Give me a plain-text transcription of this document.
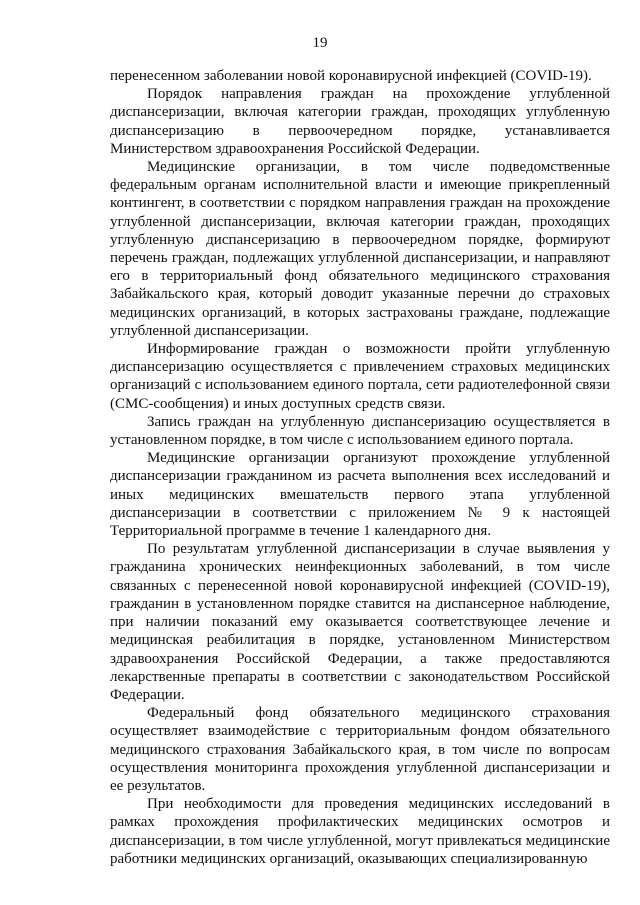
19

перенесенном заболевании новой коронавирусной инфекцией (COVID-19).

Порядок направления граждан на прохождение углубленной диспансеризации, включая категории граждан, проходящих углубленную диспансеризацию в первоочередном порядке, устанавливается Министерством здравоохранения Российской Федерации.

Медицинские организации, в том числе подведомственные федеральным органам исполнительной власти и имеющие прикрепленный контингент, в соответствии с порядком направления граждан на прохождение углубленной диспансеризации, включая категории граждан, проходящих углубленную диспансеризацию в первоочередном порядке, формируют перечень граждан, подлежащих углубленной диспансеризации, и направляют его в территориальный фонд обязательного медицинского страхования Забайкальского края, который доводит указанные перечни до страховых медицинских организаций, в которых застрахованы граждане, подлежащие углубленной диспансеризации.

Информирование граждан о возможности пройти углубленную диспансеризацию осуществляется с привлечением страховых медицинских организаций с использованием единого портала, сети радиотелефонной связи (СМС-сообщения) и иных доступных средств связи.

Запись граждан на углубленную диспансеризацию осуществляется в установленном порядке, в том числе с использованием единого портала.

Медицинские организации организуют прохождение углубленной диспансеризации гражданином из расчета выполнения всех исследований и иных медицинских вмешательств первого этапа углубленной диспансеризации в соответствии с приложением № 9 к настоящей Территориальной программе в течение 1 календарного дня.

По результатам углубленной диспансеризации в случае выявления у гражданина хронических неинфекционных заболеваний, в том числе связанных с перенесенной новой коронавирусной инфекцией (COVID-19), гражданин в установленном порядке ставится на диспансерное наблюдение, при наличии показаний ему оказывается соответствующее лечение и медицинская реабилитация в порядке, установленном Министерством здравоохранения Российской Федерации, а также предоставляются лекарственные препараты в соответствии с законодательством Российской Федерации.

Федеральный фонд обязательного медицинского страхования осуществляет взаимодействие с территориальным фондом обязательного медицинского страхования Забайкальского края, в том числе по вопросам осуществления мониторинга прохождения углубленной диспансеризации и ее результатов.

При необходимости для проведения медицинских исследований в рамках прохождения профилактических медицинских осмотров и диспансеризации, в том числе углубленной, могут привлекаться медицинские работники медицинских организаций, оказывающих специализированную
